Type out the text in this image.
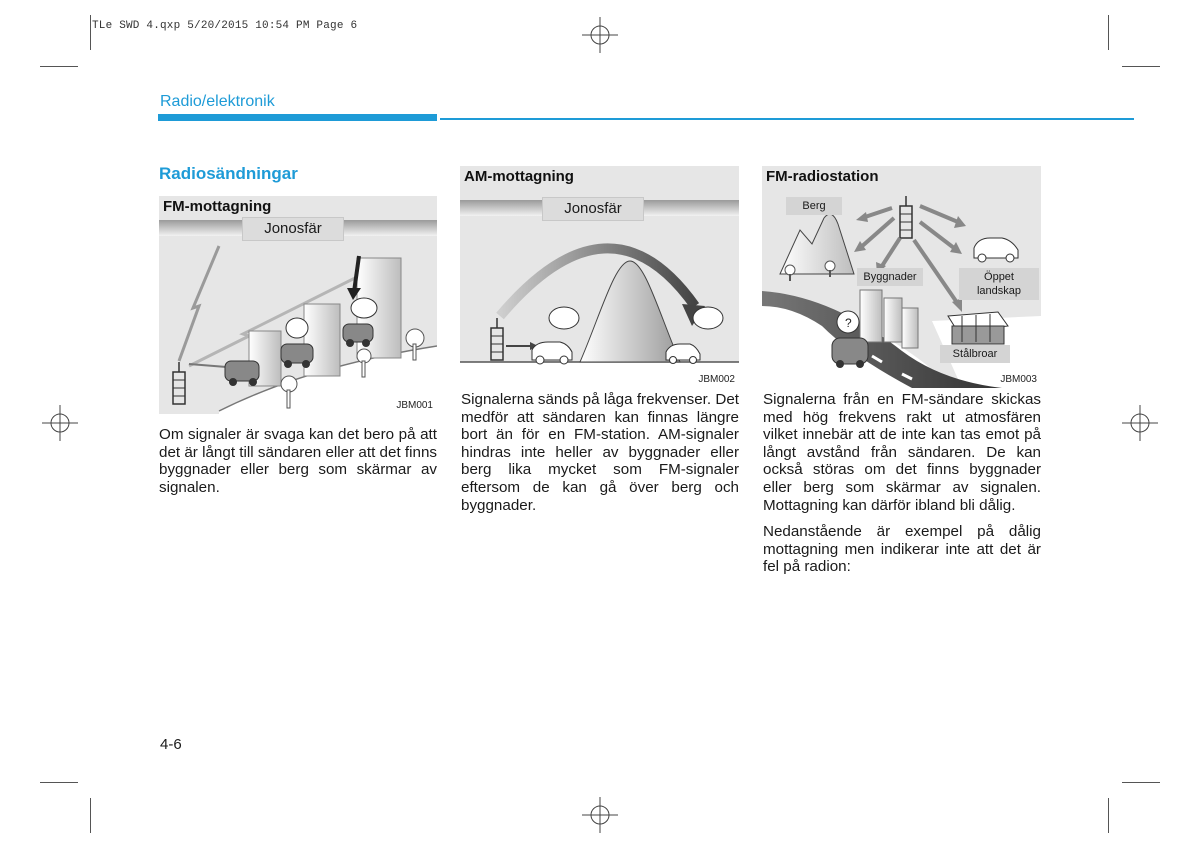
TLe SWD 4.qxp 5/20/2015 10:54 PM Page 6
Radio/elektronik
Radiosändningar
FM-mottagning
Jonosfär
JBM001
AM-mottagning
Jonosfär
JBM002
?
FM-radiostation
Berg
Byggnader	Öppet
landskap
Stålbroar
JBM003

Om signaler är svaga kan det bero på att det är långt till sändaren eller att det finns byggnader eller berg som skärmar av signalen.

Signalerna sänds på låga frekvenser. Det medför att sändaren kan finnas längre bort än för en FM-station. AM-signaler hindras inte heller av byggnader eller berg lika mycket som FM-signaler eftersom de kan gå över berg och byggnader.

Signalerna från en FM-sändare skickas med hög frekvens rakt ut atmosfären vilket innebär att de inte kan tas emot på långt avstånd från sändaren. De kan också störas om det finns byggnader eller berg som skärmar av signalen. Mottagning kan därför ibland bli dålig.

Nedanstående är exempel på dålig mottagning men indikerar inte att det är fel på radion:

4-6
